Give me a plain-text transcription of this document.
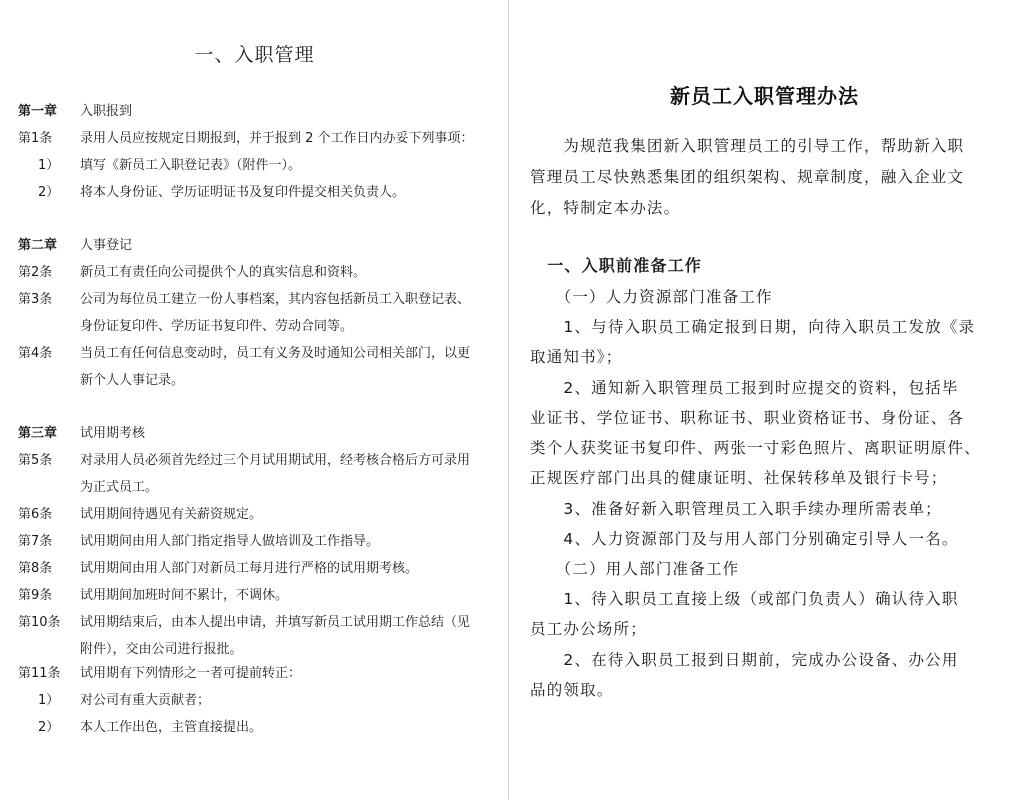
一、入职管理
第一章 入职报到
第1条 录用人员应按规定日期报到，并于报到 2 个工作日内办妥下列事项：
1） 填写《新员工入职登记表》（附件一）。
2） 将本人身份证、学历证明证书及复印件提交相关负责人。
第二章 人事登记
第2条 新员工有责任向公司提供个人的真实信息和资料。
第3条 公司为每位员工建立一份人事档案，其内容包括新员工入职登记表、
身份证复印件、学历证书复印件、劳动合同等。
第4条 当员工有任何信息变动时，员工有义务及时通知公司相关部门，以更
新个人人事记录。
第三章 试用期考核
第5条 对录用人员必须首先经过三个月试用期试用，经考核合格后方可录用
为正式员工。
第6条 试用期间待遇见有关薪资规定。
第7条 试用期间由用人部门指定指导人做培训及工作指导。
第8条 试用期间由用人部门对新员工每月进行严格的试用期考核。
第9条 试用期间加班时间不累计，不调休。
第10条 试用期结束后，由本人提出申请，并填写新员工试用期工作总结（见
附件），交由公司进行报批。
第11条 试用期有下列情形之一者可提前转正：
1） 对公司有重大贡献者；
2） 本人工作出色，主管直接提出。
新员工入职管理办法
　　为规范我集团新入职管理员工的引导工作，帮助新入职
管理员工尽快熟悉集团的组织架构、规章制度，融入企业文
化，特制定本办法。
　一、入职前准备工作
　　（一）人力资源部门准备工作
　　1、与待入职员工确定报到日期，向待入职员工发放《录
取通知书》；
　　2、通知新入职管理员工报到时应提交的资料，包括毕
业证书、学位证书、职称证书、职业资格证书、身份证、各
类个人获奖证书复印件、两张一寸彩色照片、离职证明原件、
正规医疗部门出具的健康证明、社保转移单及银行卡号；
　　3、准备好新入职管理员工入职手续办理所需表单；
　　4、人力资源部门及与用人部门分别确定引导人一名。
　　（二）用人部门准备工作
　　1、待入职员工直接上级（或部门负责人）确认待入职
员工办公场所；
　　2、在待入职员工报到日期前，完成办公设备、办公用
品的领取。
